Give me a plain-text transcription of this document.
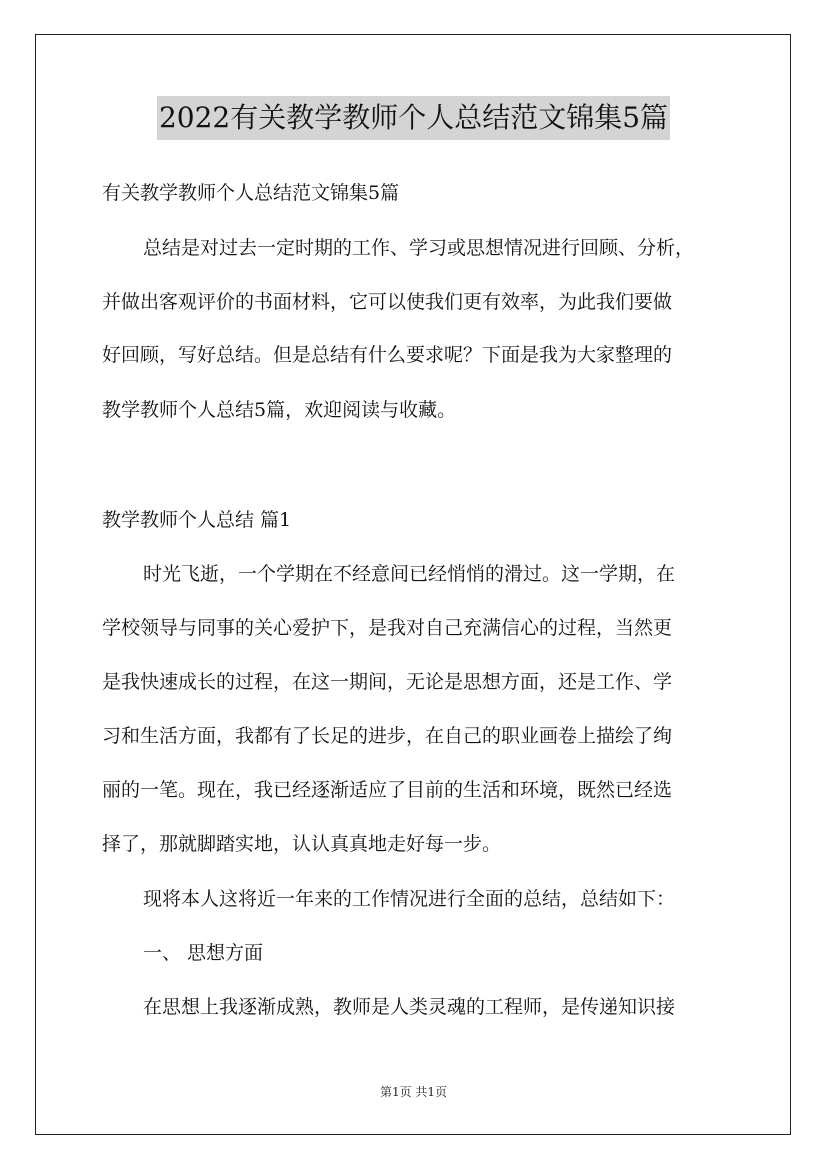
2022有关教学教师个人总结范文锦集5篇
有关教学教师个人总结范文锦集5篇
总结是对过去一定时期的工作、学习或思想情况进行回顾、分析，
并做出客观评价的书面材料，它可以使我们更有效率，为此我们要做
好回顾，写好总结。但是总结有什么要求呢？下面是我为大家整理的
教学教师个人总结5篇，欢迎阅读与收藏。
教学教师个人总结 篇1
时光飞逝，一个学期在不经意间已经悄悄的滑过。这一学期，在
学校领导与同事的关心爱护下，是我对自己充满信心的过程，当然更
是我快速成长的过程，在这一期间，无论是思想方面，还是工作、学
习和生活方面，我都有了长足的进步，在自己的职业画卷上描绘了绚
丽的一笔。现在，我已经逐渐适应了目前的生活和环境，既然已经选
择了，那就脚踏实地，认认真真地走好每一步。
现将本人这将近一年来的工作情况进行全面的总结，总结如下：
一、 思想方面
在思想上我逐渐成熟，教师是人类灵魂的工程师，是传递知识接
第1页 共1页
